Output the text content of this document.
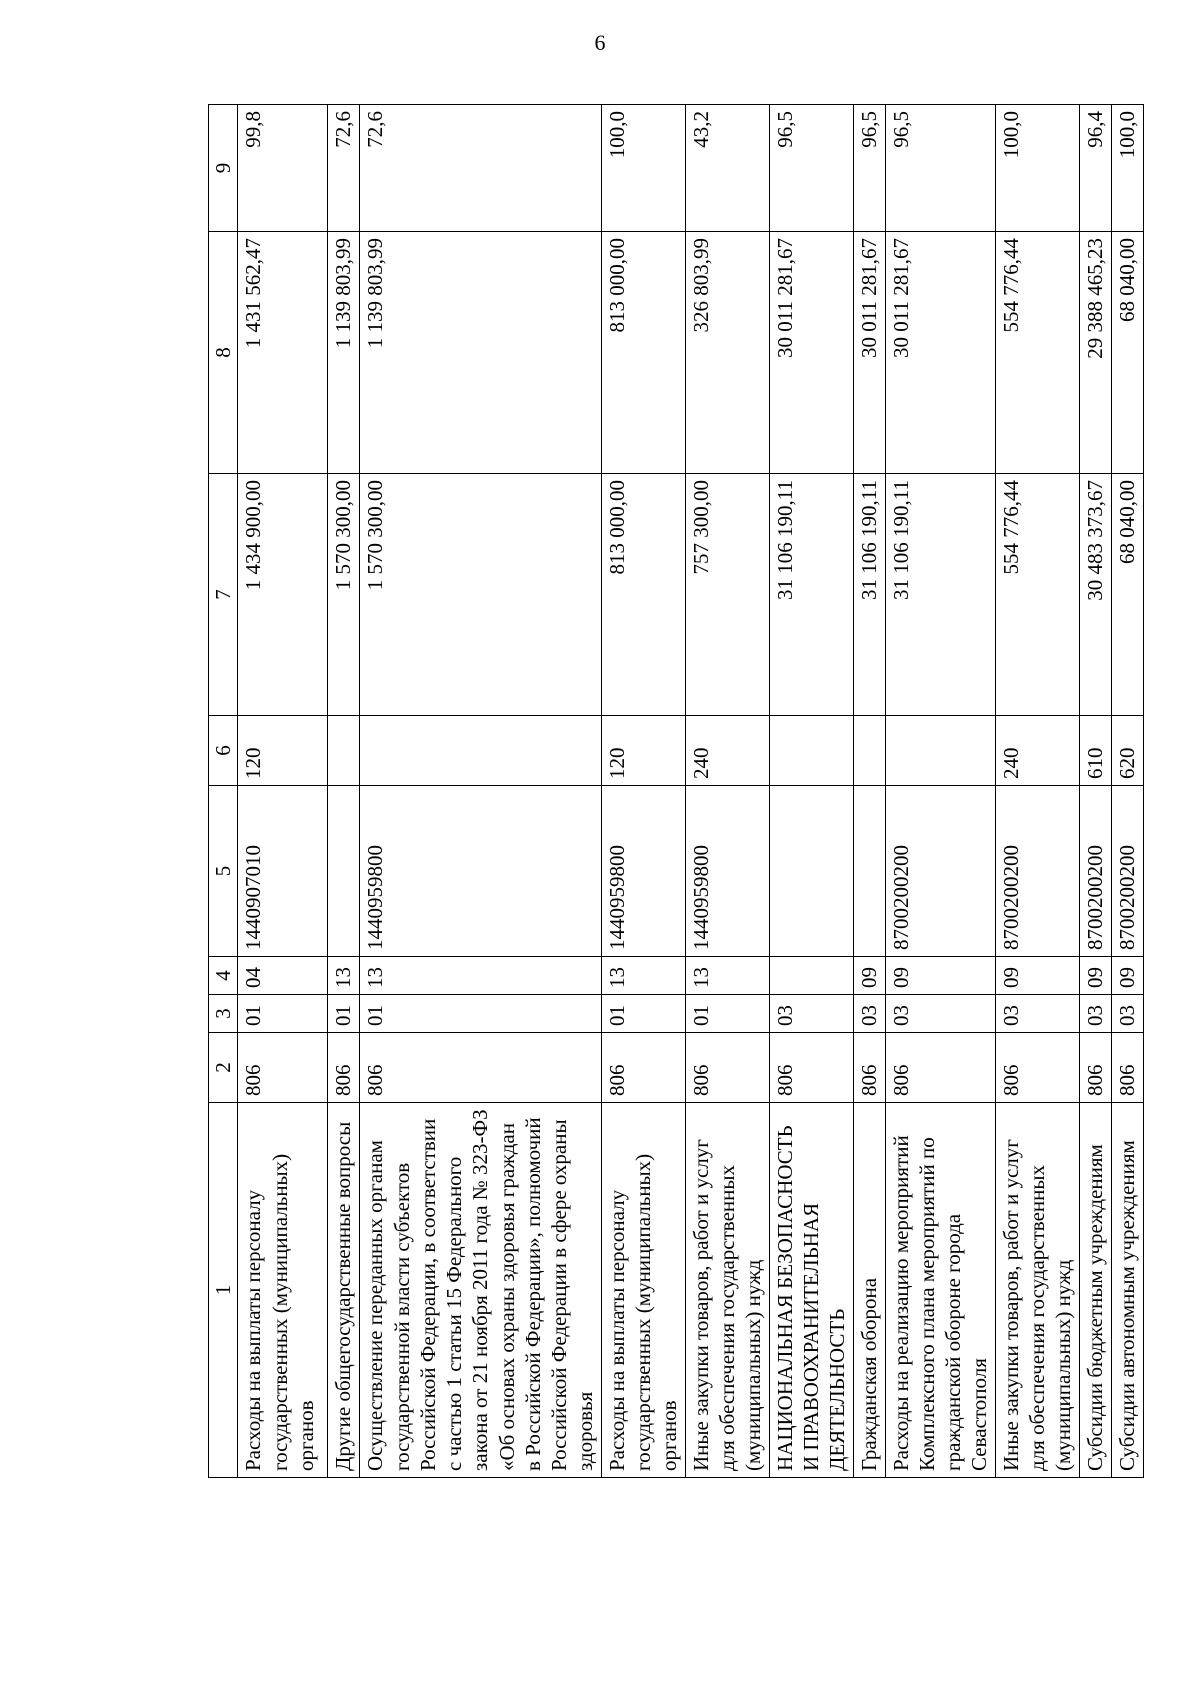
6
1	2	3	4	5	6	7	8	9
Расходы на выплаты персоналу государственных (муниципальных) органов	806	01	04	1440907010	120	1 434 900,00	1 431 562,47	99,8
Другие общегосударственные вопросы	806	01	13			1 570 300,00	1 139 803,99	72,6
Осуществление переданных органам государственной власти субъектов Российской Федерации, в соответствии с частью 1 статьи 15 Федерального закона от 21 ноября 2011 года № 323-ФЗ «Об основах охраны здоровья граждан в Российской Федерации», полномочий Российской Федерации в сфере охраны здоровья	806	01	13	1440959800		1 570 300,00	1 139 803,99	72,6
Расходы на выплаты персоналу государственных (муниципальных) органов	806	01	13	1440959800	120	813 000,00	813 000,00	100,0
Иные закупки товаров, работ и услуг для обеспечения государственных (муниципальных) нужд	806	01	13	1440959800	240	757 300,00	326 803,99	43,2
НАЦИОНАЛЬНАЯ БЕЗОПАСНОСТЬ И ПРАВООХРАНИТЕЛЬНАЯ ДЕЯТЕЛЬНОСТЬ	806	03				31 106 190,11	30 011 281,67	96,5
Гражданская оборона	806	03	09			31 106 190,11	30 011 281,67	96,5
Расходы на реализацию мероприятий Комплексного плана мероприятий по гражданской обороне города Севастополя	806	03	09	8700200200		31 106 190,11	30 011 281,67	96,5
Иные закупки товаров, работ и услуг для обеспечения государственных (муниципальных) нужд	806	03	09	8700200200	240	554 776,44	554 776,44	100,0
Субсидии бюджетным учреждениям	806	03	09	8700200200	610	30 483 373,67	29 388 465,23	96,4
Субсидии автономным учреждениям	806	03	09	8700200200	620	68 040,00	68 040,00	100,0
